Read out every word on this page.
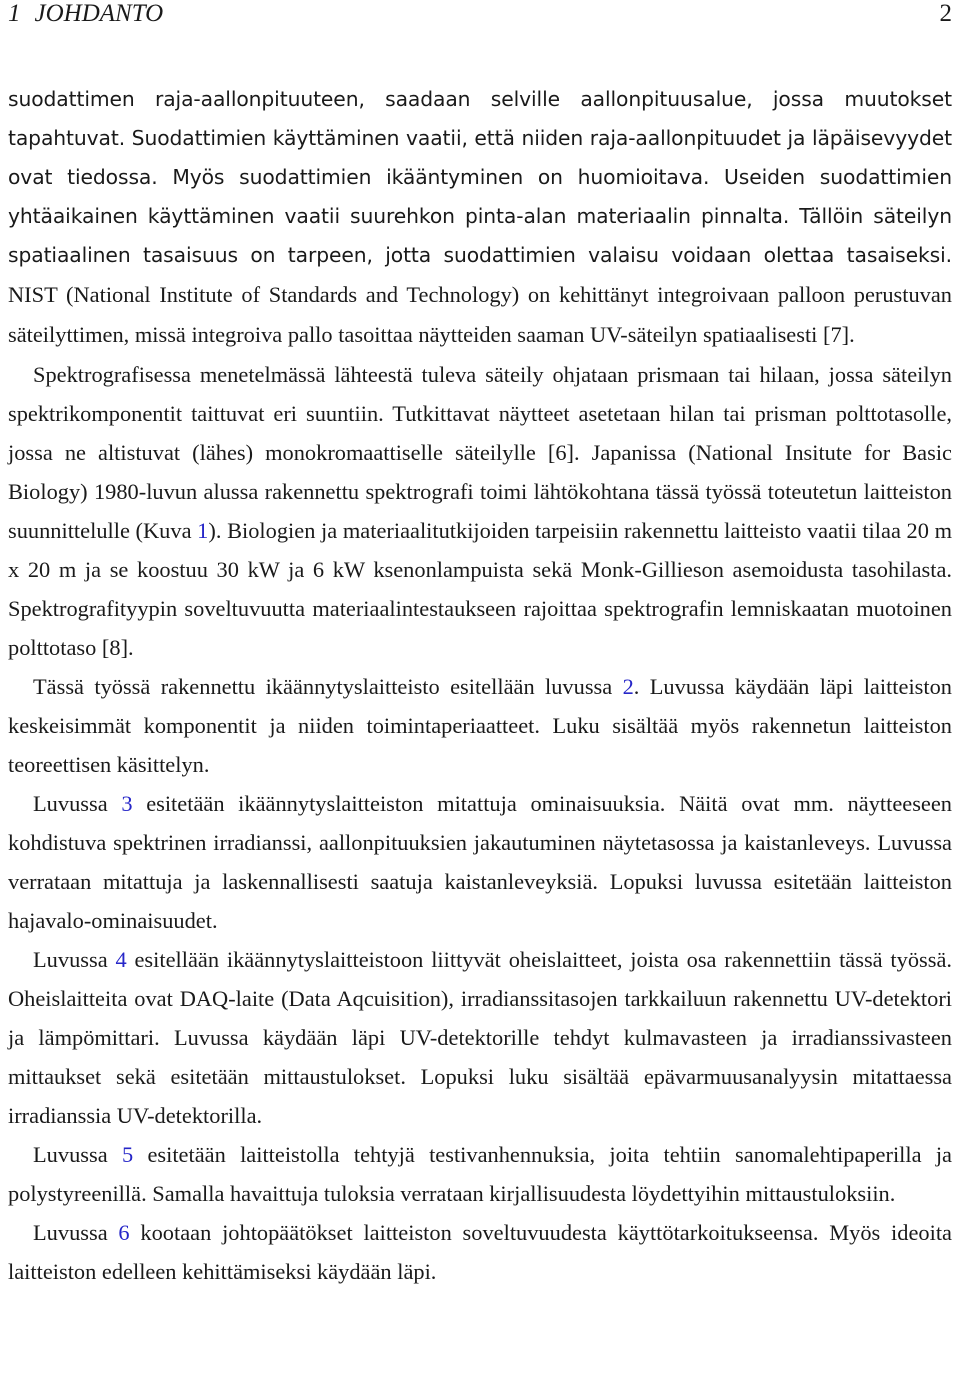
1 JOHDANTO	2

suodattimen raja-aallonpituuteen, saadaan selville aallonpituusalue, jossa muutokset tapahtuvat. Suodattimien käyttäminen vaatii, että niiden raja-aallonpituudet ja läpäisevyydet ovat tiedossa. Myös suodattimien ikääntyminen on huomioitava. Useiden suodattimien yhtäaikainen käyttäminen vaatii suurehkon pinta-alan materiaalin pinnalta. Tällöin säteilyn spatiaalinen tasaisuus on tarpeen, jotta suodattimien valaisu voidaan olettaa tasaiseksi. NIST (National Institute of Standards and Technology) on kehittänyt integroivaan palloon perustuvan säteilyttimen, missä integroiva pallo tasoittaa näytteiden saaman UV-säteilyn spatiaalisesti [7].

Spektrografisessa menetelmässä lähteestä tuleva säteily ohjataan prismaan tai hilaan, jossa säteilyn spektrikomponentit taittuvat eri suuntiin. Tutkittavat näytteet asetetaan hilan tai prisman polttotasolle, jossa ne altistuvat (lähes) monokromaattiselle säteilylle [6]. Japanissa (National Insitute for Basic Biology) 1980-luvun alussa rakennettu spektrografi toimi lähtökohtana tässä työssä toteutetun laitteiston suunnittelulle (Kuva 1). Biologien ja materiaalitutkijoiden tarpeisiin rakennettu laitteisto vaatii tilaa 20 m x 20 m ja se koostuu 30 kW ja 6 kW ksenonlampuista sekä Monk-Gillieson asemoidusta tasohilasta. Spektrografityypin soveltuvuutta materiaalintestaukseen rajoittaa spektrografin lemniskaatan muotoinen polttotaso [8].

Tässä työssä rakennettu ikäännytyslaitteisto esitellään luvussa 2. Luvussa käydään läpi laitteiston keskeisimmät komponentit ja niiden toimintaperiaatteet. Luku sisältää myös rakennetun laitteiston teoreettisen käsittelyn.

Luvussa 3 esitetään ikäännytyslaitteiston mitattuja ominaisuuksia. Näitä ovat mm. näytteeseen kohdistuva spektrinen irradianssi, aallonpituuksien jakautuminen näytetasossa ja kaistanleveys. Luvussa verrataan mitattuja ja laskennallisesti saatuja kaistanleveyksiä. Lopuksi luvussa esitetään laitteiston hajavalo-ominaisuudet.

Luvussa 4 esitellään ikäännytyslaitteistoon liittyvät oheislaitteet, joista osa rakennettiin tässä työssä. Oheislaitteita ovat DAQ-laite (Data Aqcuisition), irradianssitasojen tarkkailuun rakennettu UV-detektori ja lämpömittari. Luvussa käydään läpi UV-detektorille tehdyt kulmavasteen ja irradianssivasteen mittaukset sekä esitetään mittaustulokset. Lopuksi luku sisältää epävarmuusanalyysin mitattaessa irradianssia UV-detektorilla.

Luvussa 5 esitetään laitteistolla tehtyjä testivanhennuksia, joita tehtiin sanomalehtipaperilla ja polystyreenillä. Samalla havaittuja tuloksia verrataan kirjallisuudesta löydettyihin mittaustuloksiin.

Luvussa 6 kootaan johtopäätökset laitteiston soveltuvuudesta käyttötarkoitukseensa. Myös ideoita laitteiston edelleen kehittämiseksi käydään läpi.
